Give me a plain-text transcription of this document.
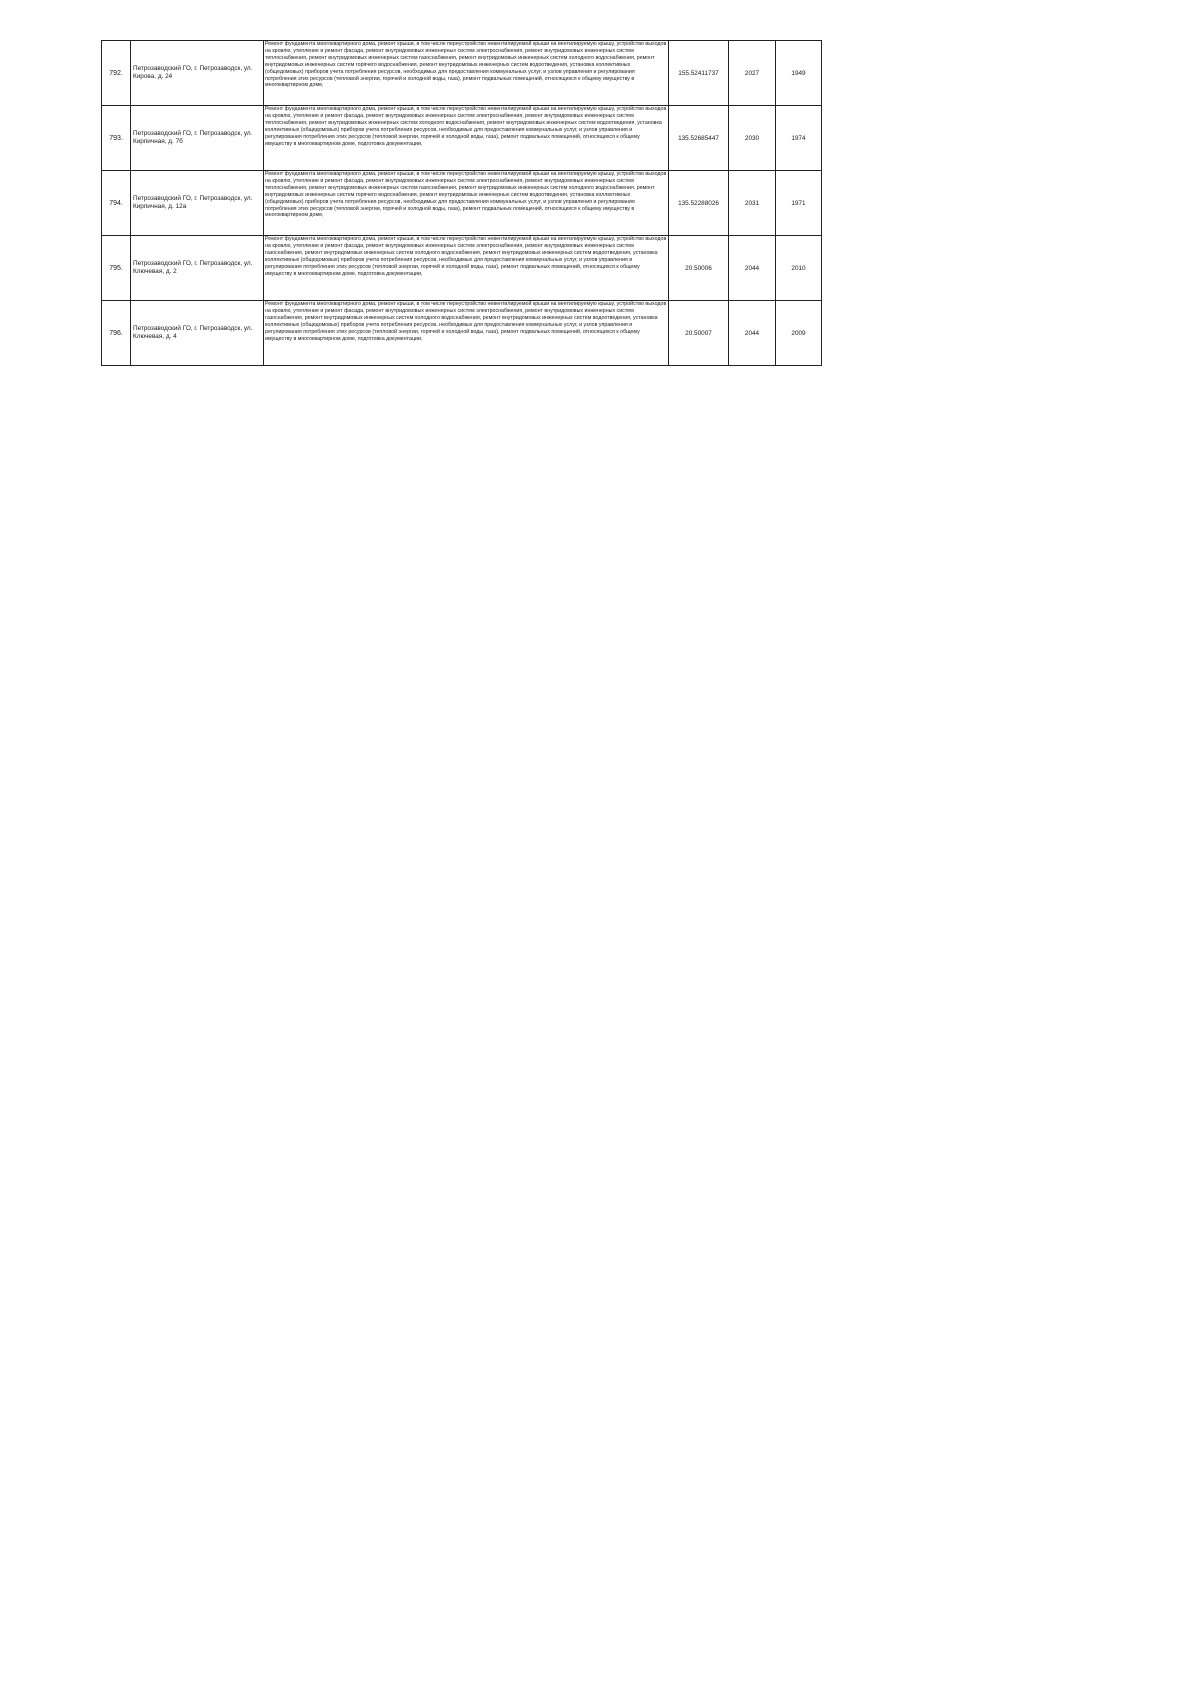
792.	Петрозаводский ГО, г. Петрозаводск, ул. Кирова, д. 24	Ремонт фундамента многоквартирного дома, ремонт крыши, в том числе переустройство невентилируемой крыши на вентилируемую крышу, устройство выходов на кровлю, утепление и ремонт фасада, ремонт внутридомовых инженерных систем электроснабжения, ремонт внутридомовых инженерных систем теплоснабжения, ремонт внутридомовых инженерных систем газоснабжения, ремонт внутридомовых инженерных систем холодного водоснабжения, ремонт внутридомовых инженерных систем горячего водоснабжения, ремонт внутридомовых инженерных систем водоотведения, установка коллективных (общедомовых) приборов учета потребления ресурсов, необходимых для предоставления коммунальных услуг, и узлов управления и регулирования потребления этих ресурсов (тепловой энергии, горячей и холодной воды, газа), ремонт подвальных помещений, относящихся к общему имуществу в многоквартирном доме,	155.52411737	2027	1949
793.	Петрозаводский ГО, г. Петрозаводск, ул. Кирпичная, д. 7б	Ремонт фундамента многоквартирного дома, ремонт крыши, в том числе переустройство невентилируемой крыши на вентилируемую крышу, устройство выходов на кровлю, утепление и ремонт фасада, ремонт внутридомовых инженерных систем электроснабжения, ремонт внутридомовых инженерных систем теплоснабжения, ремонт внутридомовых инженерных систем холодного водоснабжения, ремонт внутридомовых инженерных систем водоотведения, установка коллективных (общедомовых) приборов учета потребления ресурсов, необходимых для предоставления коммунальных услуг, и узлов управления и регулирования потребления этих ресурсов (тепловой энергии, горячей и холодной воды, газа), ремонт подвальных помещений, относящихся к общему имуществу в многоквартирном доме, подготовка документации,	135.52685447	2030	1974
794.	Петрозаводский ГО, г. Петрозаводск, ул. Кирпичная, д. 12а	Ремонт фундамента многоквартирного дома, ремонт крыши, в том числе переустройство невентилируемой крыши на вентилируемую крышу, устройство выходов на кровлю, утепление и ремонт фасада, ремонт внутридомовых инженерных систем электроснабжения, ремонт внутридомовых инженерных систем теплоснабжения, ремонт внутридомовых инженерных систем газоснабжения, ремонт внутридомовых инженерных систем холодного водоснабжения, ремонт внутридомовых инженерных систем горячего водоснабжения, ремонт внутридомовых инженерных систем водоотведения, установка коллективных (общедомовых) приборов учета потребления ресурсов, необходимых для предоставления коммунальных услуг, и узлов управления и регулирования потребления этих ресурсов (тепловой энергии, горячей и холодной воды, газа), ремонт подвальных помещений, относящихся к общему имуществу в многоквартирном доме,	135.52288026	2031	1971
795.	Петрозаводский ГО, г. Петрозаводск, ул. Ключевая, д. 2	Ремонт фундамента многоквартирного дома, ремонт крыши, в том числе переустройство невентилируемой крыши на вентилируемую крышу, устройство выходов на кровлю, утепление и ремонт фасада, ремонт внутридомовых инженерных систем электроснабжения, ремонт внутридомовых инженерных систем газоснабжения, ремонт внутридомовых инженерных систем холодного водоснабжения, ремонт внутридомовых инженерных систем водоотведения, установка коллективных (общедомовых) приборов учета потребления ресурсов, необходимых для предоставления коммунальных услуг, и узлов управления и регулирования потребления этих ресурсов (тепловой энергии, горячей и холодной воды, газа), ремонт подвальных помещений, относящихся к общему имуществу в многоквартирном доме, подготовка документации,	20.50006	2044	2010
796.	Петрозаводский ГО, г. Петрозаводск, ул. Ключевая, д. 4	Ремонт фундамента многоквартирного дома, ремонт крыши, в том числе переустройство невентилируемой крыши на вентилируемую крышу, устройство выходов на кровлю, утепление и ремонт фасада, ремонт внутридомовых инженерных систем электроснабжения, ремонт внутридомовых инженерных систем газоснабжения, ремонт внутридомовых инженерных систем холодного водоснабжения, ремонт внутридомовых инженерных систем водоотведения, установка коллективных (общедомовых) приборов учета потребления ресурсов, необходимых для предоставления коммунальных услуг, и узлов управления и регулирования потребления этих ресурсов (тепловой энергии, горячей и холодной воды, газа), ремонт подвальных помещений, относящихся к общему имуществу в многоквартирном доме, подготовка документации,	20.50007	2044	2009
